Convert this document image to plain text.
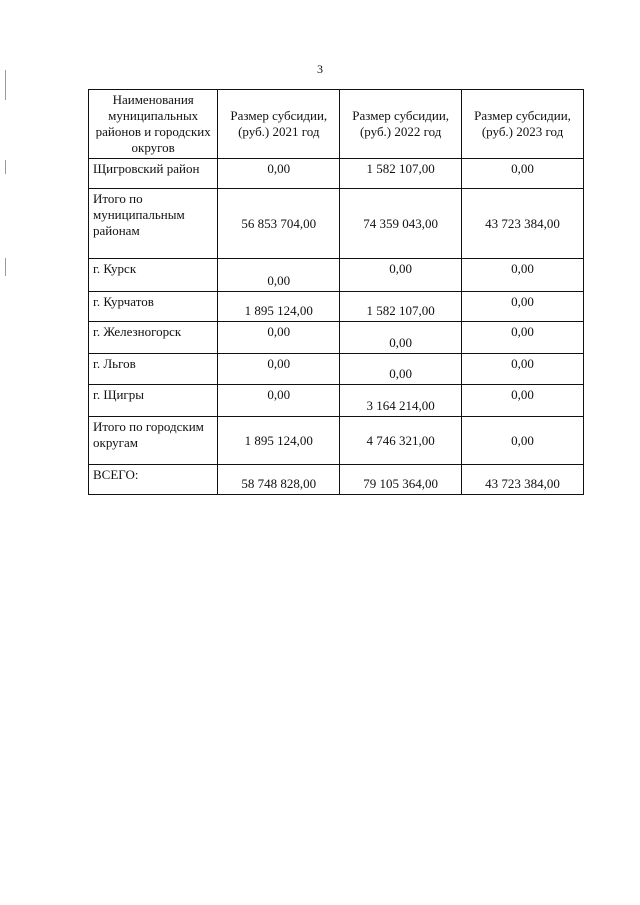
3
Наименования муниципальных районов и городских округов	Размер субсидии, (руб.) 2021 год	Размер субсидии, (руб.) 2022 год	Размер субсидии, (руб.) 2023 год
Щигровский район	0,00	1 582 107,00	0,00
Итого по муниципальным районам	56 853 704,00	74 359 043,00	43 723 384,00
г. Курск	0,00	0,00	0,00
г. Курчатов	1 895 124,00	1 582 107,00	0,00
г. Железногорск	0,00	0,00	0,00
г. Льгов	0,00	0,00	0,00
г. Щигры	0,00	3 164 214,00	0,00
Итого по городским округам	1 895 124,00	4 746 321,00	0,00
ВСЕГО:	58 748 828,00	79 105 364,00	43 723 384,00
